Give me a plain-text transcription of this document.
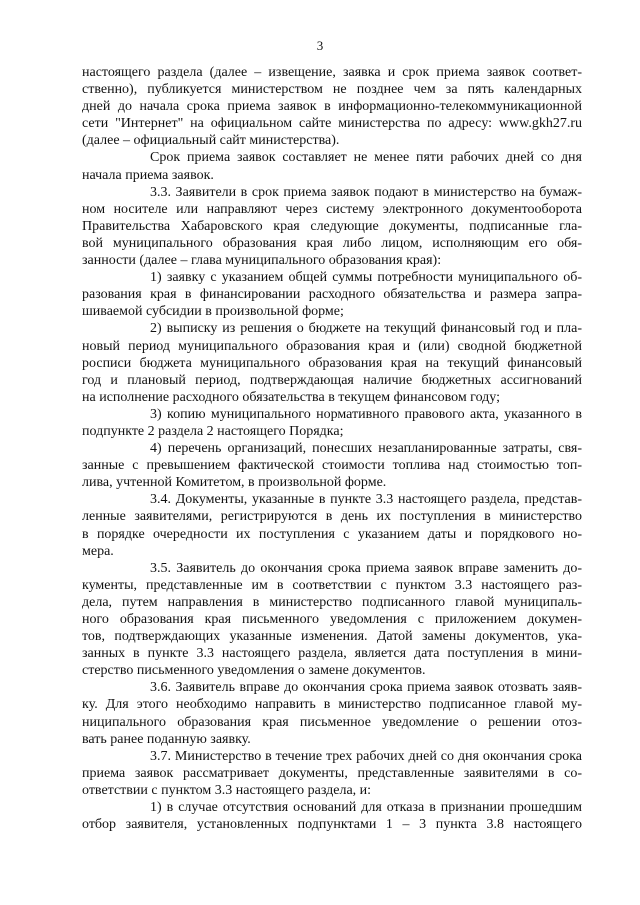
3
настоящего раздела (далее – извещение, заявка и срок приема заявок соответ-
ственно), публикуется министерством не позднее чем за пять календарных
дней до начала срока приема заявок в информационно-телекоммуникационной
сети "Интернет" на официальном сайте министерства по адресу: www.gkh27.ru
(далее – официальный сайт министерства).
Срок приема заявок составляет не менее пяти рабочих дней со дня
начала приема заявок.
3.3. Заявители в срок приема заявок подают в министерство на бумаж-
ном носителе или направляют через систему электронного документооборота
Правительства Хабаровского края следующие документы, подписанные гла-
вой муниципального образования края либо лицом, исполняющим его обя-
занности (далее – глава муниципального образования края):
1) заявку с указанием общей суммы потребности муниципального об-
разования края в финансировании расходного обязательства и размера запра-
шиваемой субсидии в произвольной форме;
2) выписку из решения о бюджете на текущий финансовый год и пла-
новый период муниципального образования края и (или) сводной бюджетной
росписи бюджета муниципального образования края на текущий финансовый
год и плановый период, подтверждающая наличие бюджетных ассигнований
на исполнение расходного обязательства в текущем финансовом году;
3) копию муниципального нормативного правового акта, указанного в
подпункте 2 раздела 2 настоящего Порядка;
4) перечень организаций, понесших незапланированные затраты, свя-
занные с превышением фактической стоимости топлива над стоимостью топ-
лива, учтенной Комитетом, в произвольной форме.
3.4. Документы, указанные в пункте 3.3 настоящего раздела, представ-
ленные заявителями, регистрируются в день их поступления в министерство
в порядке очередности их поступления с указанием даты и порядкового но-
мера.
3.5. Заявитель до окончания срока приема заявок вправе заменить до-
кументы, представленные им в соответствии с пунктом 3.3 настоящего раз-
дела, путем направления в министерство подписанного главой муниципаль-
ного образования края письменного уведомления с приложением докумен-
тов, подтверждающих указанные изменения. Датой замены документов, ука-
занных в пункте 3.3 настоящего раздела, является дата поступления в мини-
стерство письменного уведомления о замене документов.
3.6. Заявитель вправе до окончания срока приема заявок отозвать заяв-
ку. Для этого необходимо направить в министерство подписанное главой му-
ниципального образования края письменное уведомление о решении отоз-
вать ранее поданную заявку.
3.7. Министерство в течение трех рабочих дней со дня окончания срока
приема заявок рассматривает документы, представленные заявителями в со-
ответствии с пунктом 3.3 настоящего раздела, и:
1) в случае отсутствия оснований для отказа в признании прошедшим
отбор заявителя, установленных подпунктами 1 – 3 пункта 3.8 настоящего
